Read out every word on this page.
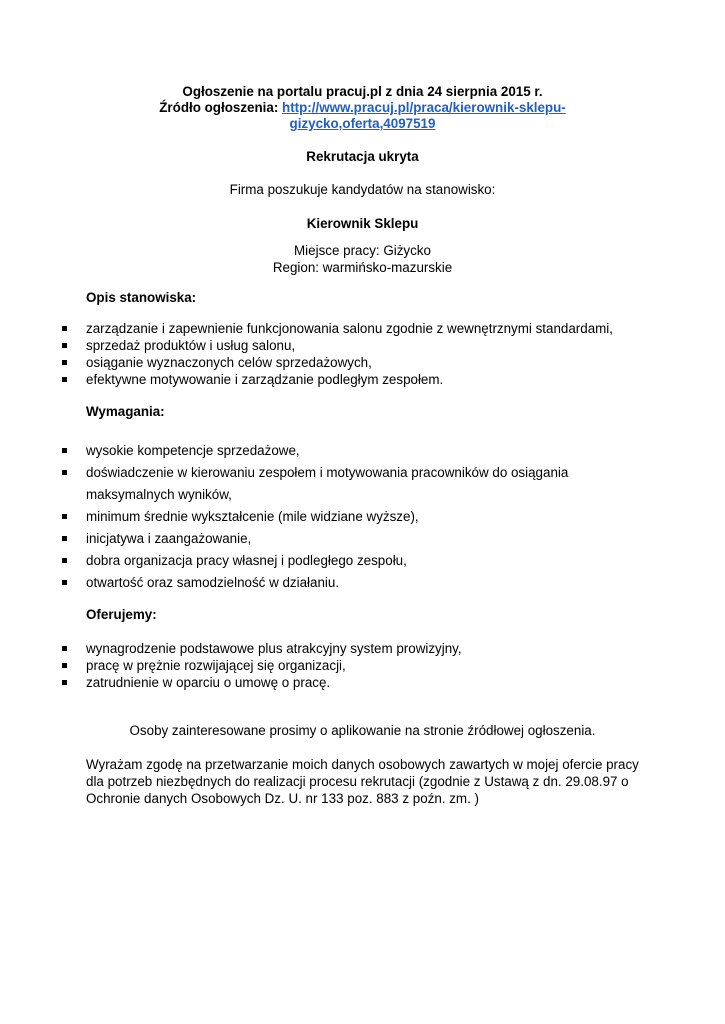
Ogłoszenie na portalu pracuj.pl z dnia 24 sierpnia 2015 r.
Źródło ogłoszenia: http://www.pracuj.pl/praca/kierownik-sklepu-
gizycko,oferta,4097519
Rekrutacja ukryta
Firma poszukuje kandydatów na stanowisko:
Kierownik Sklepu
Miejsce pracy: Giżycko
Region: warmińsko-mazurskie
Opis stanowiska:
zarządzanie i zapewnienie funkcjonowania salonu zgodnie z wewnętrznymi standardami,
sprzedaż produktów i usług salonu,
osiąganie wyznaczonych celów sprzedażowych,
efektywne motywowanie i zarządzanie podległym zespołem.
Wymagania:
wysokie kompetencje sprzedażowe,
doświadczenie w kierowaniu zespołem i motywowania pracowników do osiągania
maksymalnych wyników,
minimum średnie wykształcenie (mile widziane wyższe),
inicjatywa i zaangażowanie,
dobra organizacja pracy własnej i podległego zespołu,
otwartość oraz samodzielność w działaniu.
Oferujemy:
wynagrodzenie podstawowe plus atrakcyjny system prowizyjny,
pracę w prężnie rozwijającej się organizacji,
zatrudnienie w oparciu o umowę o pracę.
Osoby zainteresowane prosimy o aplikowanie na stronie źródłowej ogłoszenia.
Wyrażam zgodę na przetwarzanie moich danych osobowych zawartych w mojej ofercie pracy
dla potrzeb niezbędnych do realizacji procesu rekrutacji (zgodnie z Ustawą z dn. 29.08.97 o
Ochronie danych Osobowych Dz. U. nr 133 poz. 883 z poźn. zm. )
